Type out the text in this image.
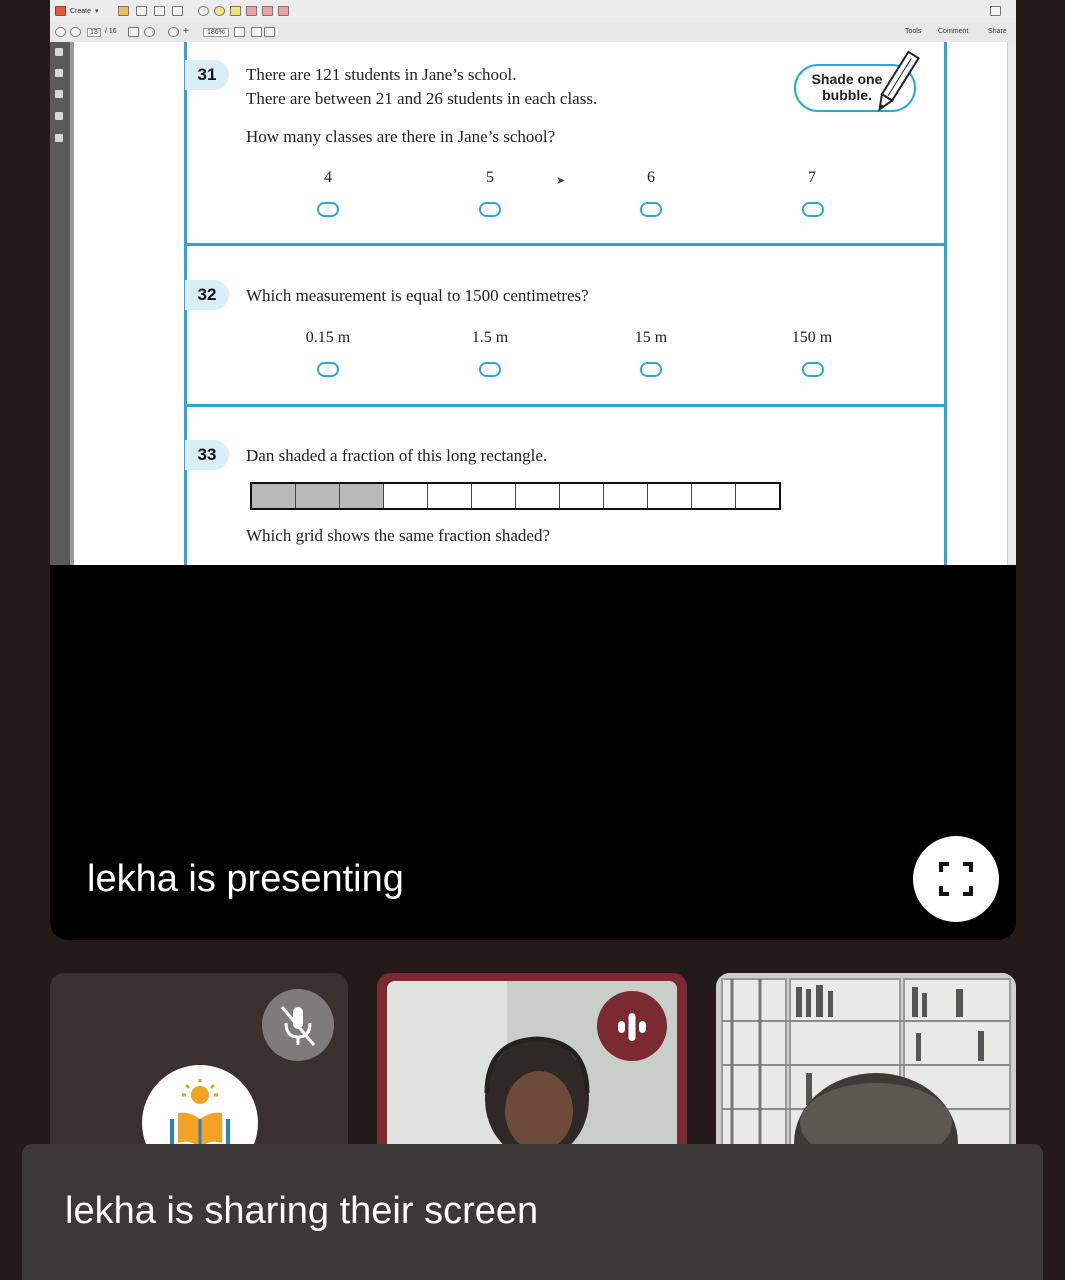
Create ▾
13	/ 16	+	186%	Tools Comment	Share
31	There are 121 students in Jane’s school.
There are between 21 and 26 students in each class.
How many classes are there in Jane’s school?
Shade one bubble.
4	5	6	7
➤
32	Which measurement is equal to 1500 centimetres?
0.15 m	1.5 m	15 m	150 m
33	Dan shaded a fraction of this long rectangle.
Which grid shows the same fraction shaded?
lekha is presenting
lekha is sharing their screen
